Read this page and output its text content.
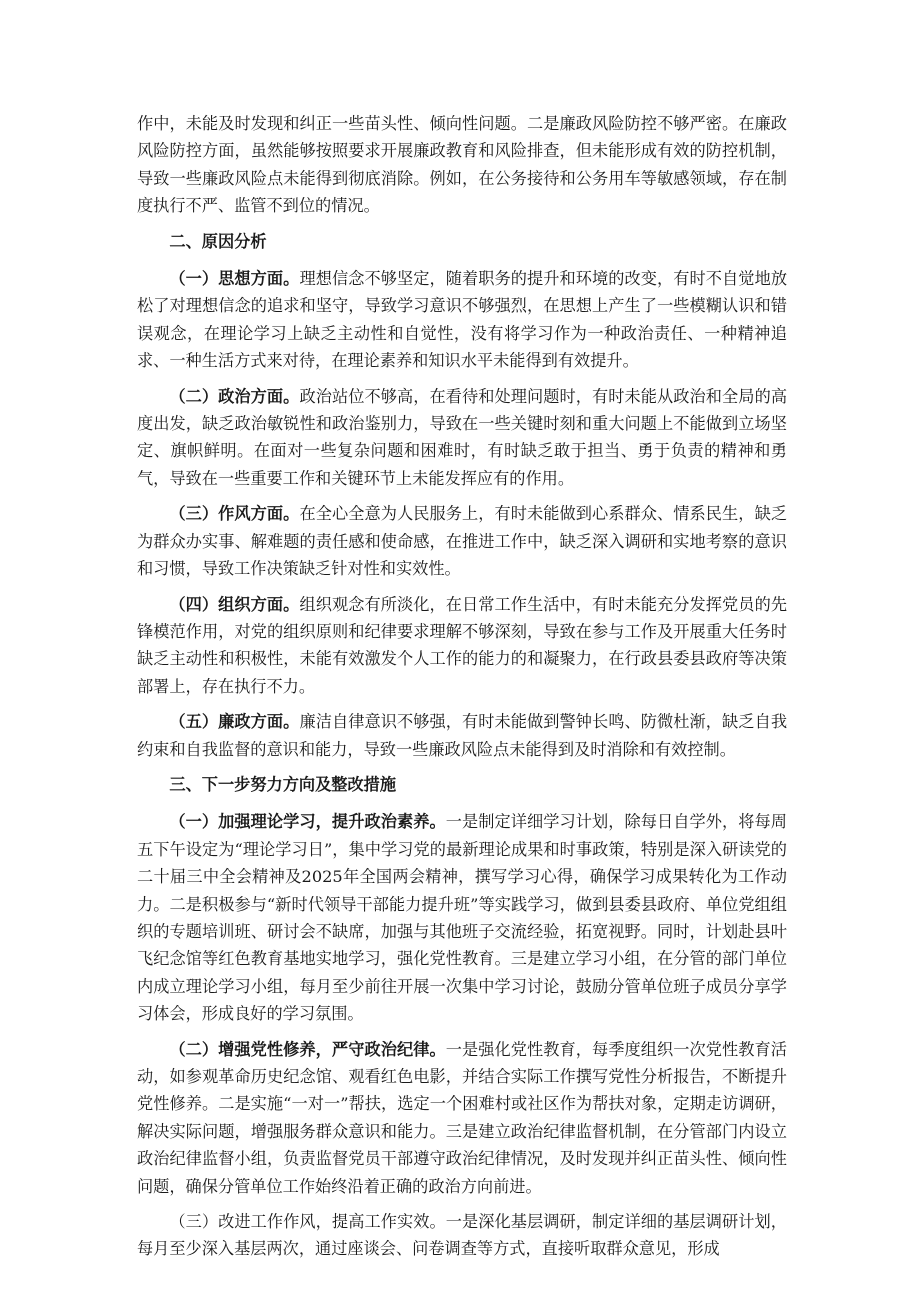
作中，未能及时发现和纠正一些苗头性、倾向性问题。二是廉政风险防控不够严密。在廉政风险防控方面，虽然能够按照要求开展廉政教育和风险排查，但未能形成有效的防控机制，导致一些廉政风险点未能得到彻底消除。例如，在公务接待和公务用车等敏感领域，存在制度执行不严、监管不到位的情况。

二、原因分析

（一）思想方面。理想信念不够坚定，随着职务的提升和环境的改变，有时不自觉地放松了对理想信念的追求和坚守，导致学习意识不够强烈，在思想上产生了一些模糊认识和错误观念，在理论学习上缺乏主动性和自觉性，没有将学习作为一种政治责任、一种精神追求、一种生活方式来对待，在理论素养和知识水平未能得到有效提升。

（二）政治方面。政治站位不够高，在看待和处理问题时，有时未能从政治和全局的高度出发，缺乏政治敏锐性和政治鉴别力，导致在一些关键时刻和重大问题上不能做到立场坚定、旗帜鲜明。在面对一些复杂问题和困难时，有时缺乏敢于担当、勇于负责的精神和勇气，导致在一些重要工作和关键环节上未能发挥应有的作用。

（三）作风方面。在全心全意为人民服务上，有时未能做到心系群众、情系民生，缺乏为群众办实事、解难题的责任感和使命感，在推进工作中，缺乏深入调研和实地考察的意识和习惯，导致工作决策缺乏针对性和实效性。

（四）组织方面。组织观念有所淡化，在日常工作生活中，有时未能充分发挥党员的先锋模范作用，对党的组织原则和纪律要求理解不够深刻，导致在参与工作及开展重大任务时缺乏主动性和积极性，未能有效激发个人工作的能力的和凝聚力，在行政县委县政府等决策部署上，存在执行不力。

（五）廉政方面。廉洁自律意识不够强，有时未能做到警钟长鸣、防微杜渐，缺乏自我约束和自我监督的意识和能力，导致一些廉政风险点未能得到及时消除和有效控制。

三、下一步努力方向及整改措施

（一）加强理论学习，提升政治素养。一是制定详细学习计划，除每日自学外，将每周五下午设定为“理论学习日”，集中学习党的最新理论成果和时事政策，特别是深入研读党的二十届三中全会精神及2025年全国两会精神，撰写学习心得，确保学习成果转化为工作动力。二是积极参与“新时代领导干部能力提升班”等实践学习，做到县委县政府、单位党组组织的专题培训班、研讨会不缺席，加强与其他班子交流经验，拓宽视野。同时，计划赴县叶飞纪念馆等红色教育基地实地学习，强化党性教育。三是建立学习小组，在分管的部门单位内成立理论学习小组，每月至少前往开展一次集中学习讨论，鼓励分管单位班子成员分享学习体会，形成良好的学习氛围。

（二）增强党性修养，严守政治纪律。一是强化党性教育，每季度组织一次党性教育活动，如参观革命历史纪念馆、观看红色电影，并结合实际工作撰写党性分析报告，不断提升党性修养。二是实施“一对一”帮扶，选定一个困难村或社区作为帮扶对象，定期走访调研，解决实际问题，增强服务群众意识和能力。三是建立政治纪律监督机制，在分管部门内设立政治纪律监督小组，负责监督党员干部遵守政治纪律情况，及时发现并纠正苗头性、倾向性问题，确保分管单位工作始终沿着正确的政治方向前进。

（三）改进工作作风，提高工作实效。一是深化基层调研，制定详细的基层调研计划，每月至少深入基层两次，通过座谈会、问卷调查等方式，直接听取群众意见，形成
